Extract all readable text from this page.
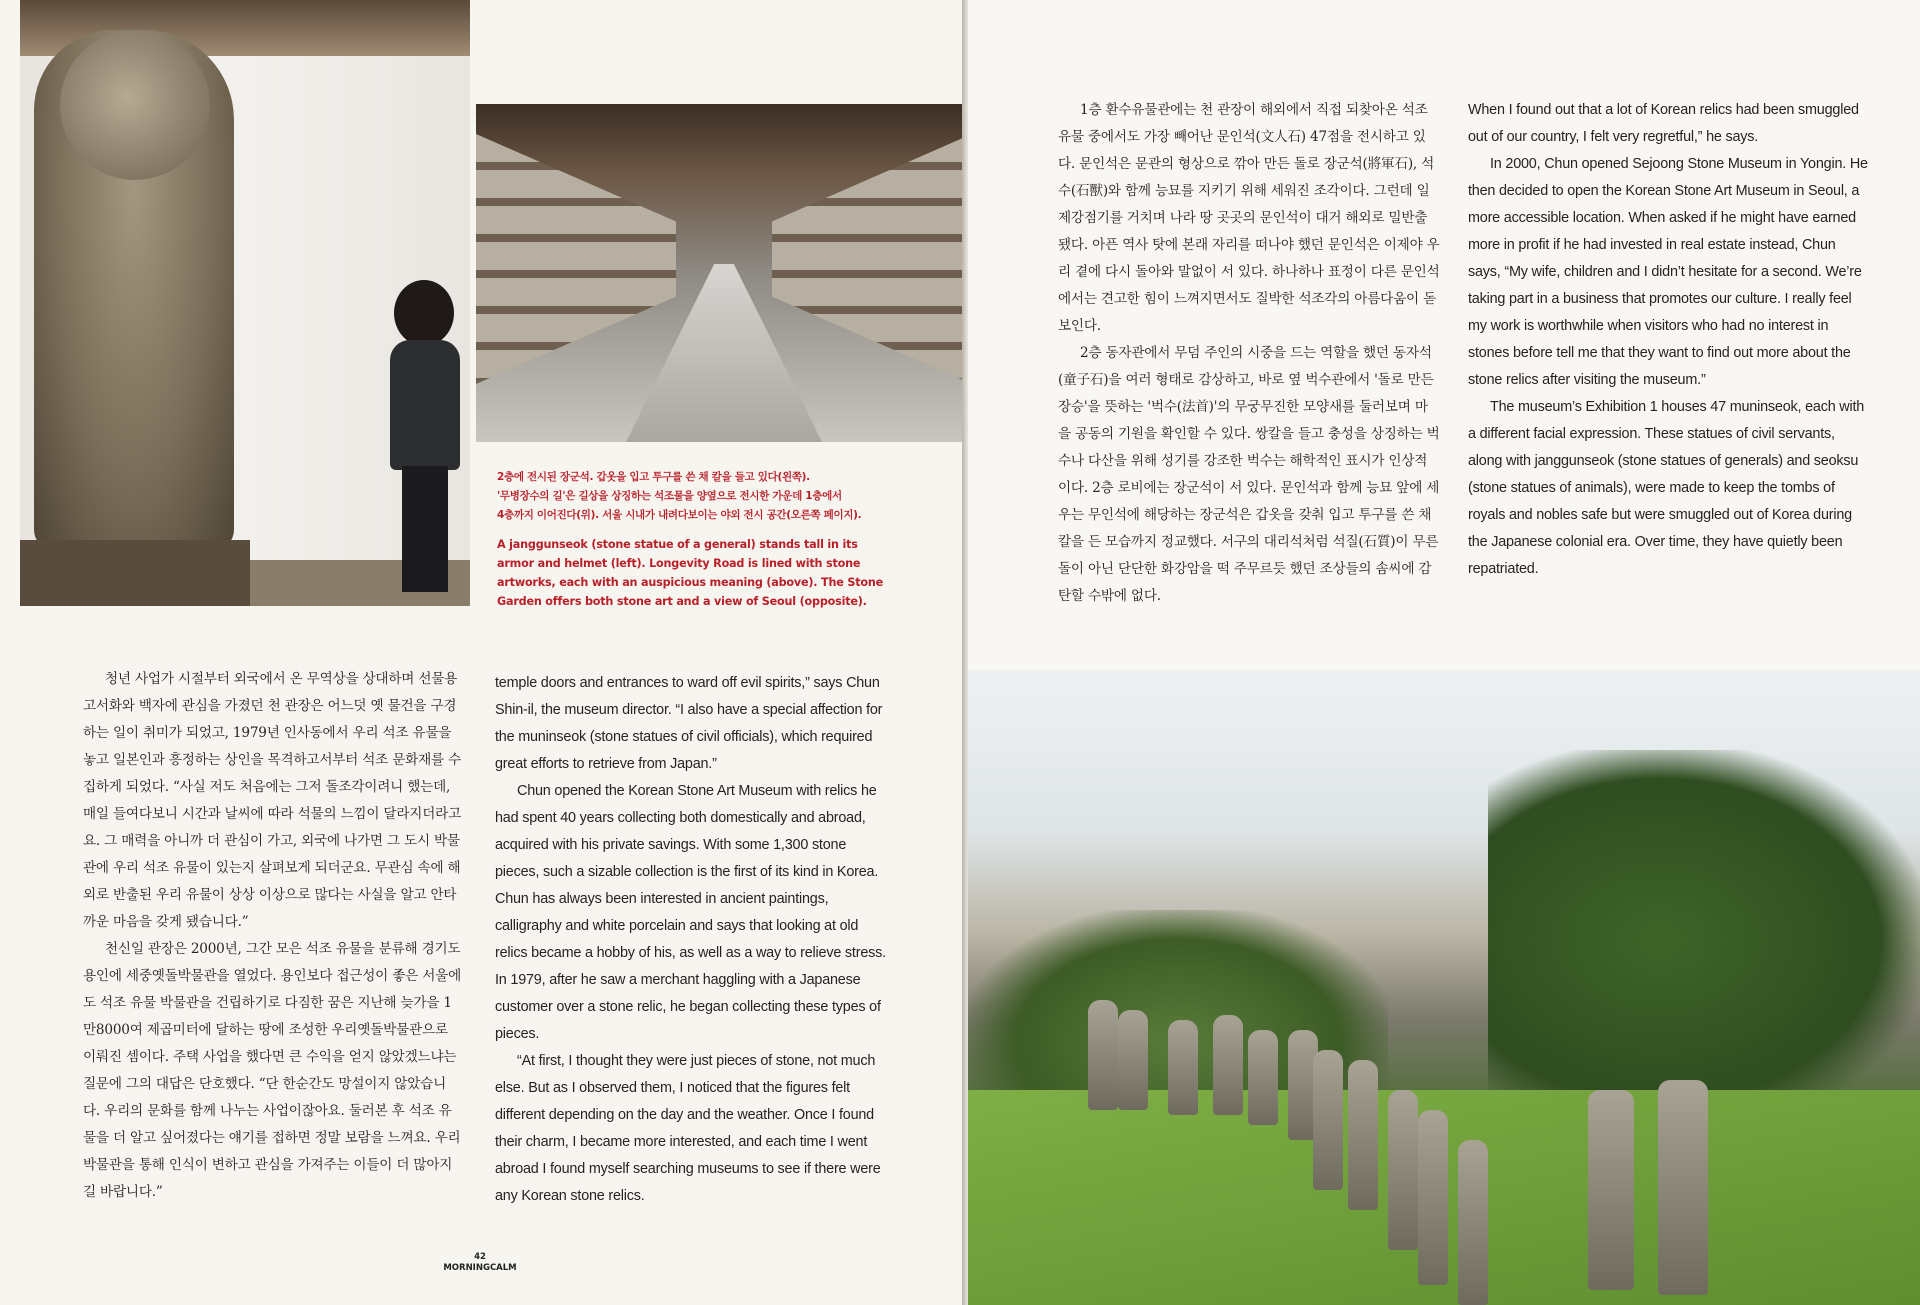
2층에 전시된 장군석. 갑옷을 입고 투구를 쓴 채 칼을 들고 있다(왼쪽).
'무병장수의 길'은 길상을 상징하는 석조물을 양옆으로 전시한 가운데 1층에서
4층까지 이어진다(위). 서울 시내가 내려다보이는 야외 전시 공간(오른쪽 페이지).
A janggunseok (stone statue of a general) stands tall in its armor and helmet (left). Longevity Road is lined with stone artworks, each with an auspicious meaning (above). The Stone Garden offers both stone art and a view of Seoul (opposite).

청년 사업가 시절부터 외국에서 온 무역상을 상대하며 선물용 고서화와 백자에 관심을 가졌던 천 관장은 어느덧 옛 물건을 구경하는 일이 취미가 되었고, 1979년 인사동에서 우리 석조 유물을 놓고 일본인과 흥정하는 상인을 목격하고서부터 석조 문화재를 수집하게 되었다. “사실 저도 처음에는 그저 돌조각이려니 했는데, 매일 들여다보니 시간과 날씨에 따라 석물의 느낌이 달라지더라고요. 그 매력을 아니까 더 관심이 가고, 외국에 나가면 그 도시 박물관에 우리 석조 유물이 있는지 살펴보게 되더군요. 무관심 속에 해외로 반출된 우리 유물이 상상 이상으로 많다는 사실을 알고 안타까운 마음을 갖게 됐습니다.”

천신일 관장은 2000년, 그간 모은 석조 유물을 분류해 경기도 용인에 세중옛돌박물관을 열었다. 용인보다 접근성이 좋은 서울에도 석조 유물 박물관을 건립하기로 다짐한 꿈은 지난해 늦가을 1만8000여 제곱미터에 달하는 땅에 조성한 우리옛돌박물관으로 이뤄진 셈이다. 주택 사업을 했다면 큰 수익을 얻지 않았겠느냐는 질문에 그의 대답은 단호했다. “단 한순간도 망설이지 않았습니다. 우리의 문화를 함께 나누는 사업이잖아요. 둘러본 후 석조 유물을 더 알고 싶어졌다는 얘기를 접하면 정말 보람을 느껴요. 우리 박물관을 통해 인식이 변하고 관심을 가져주는 이들이 더 많아지길 바랍니다.”

temple doors and entrances to ward off evil spirits,” says Chun Shin-il, the museum director. “I also have a special affection for the muninseok (stone statues of civil officials), which required great efforts to retrieve from Japan.”

Chun opened the Korean Stone Art Museum with relics he had spent 40 years collecting both domestically and abroad, acquired with his private savings. With some 1,300 stone pieces, such a sizable collection is the first of its kind in Korea. Chun has always been interested in ancient paintings, calligraphy and white porcelain and says that looking at old relics became a hobby of his, as well as a way to relieve stress. In 1979, after he saw a merchant haggling with a Japanese customer over a stone relic, he began collecting these types of pieces.

“At first, I thought they were just pieces of stone, not much else. But as I observed them, I noticed that the figures felt different depending on the day and the weather. Once I found their charm, I became more interested, and each time I went abroad I found myself searching museums to see if there were any Korean stone relics.

42
MORNINGCALM

1층 환수유물관에는 천 관장이 해외에서 직접 되찾아온 석조 유물 중에서도 가장 빼어난 문인석(文人石) 47점을 전시하고 있다. 문인석은 문관의 형상으로 깎아 만든 돌로 장군석(將軍石), 석수(石獸)와 함께 능묘를 지키기 위해 세워진 조각이다. 그런데 일제강점기를 거치며 나라 땅 곳곳의 문인석이 대거 해외로 밀반출됐다. 아픈 역사 탓에 본래 자리를 떠나야 했던 문인석은 이제야 우리 곁에 다시 돌아와 말없이 서 있다. 하나하나 표정이 다른 문인석에서는 견고한 힘이 느껴지면서도 질박한 석조각의 아름다움이 돋보인다.

2층 동자관에서 무덤 주인의 시중을 드는 역할을 했던 동자석(童子石)을 여러 형태로 감상하고, 바로 옆 벅수관에서 '돌로 만든 장승'을 뜻하는 '벅수(法首)'의 무궁무진한 모양새를 둘러보며 마을 공동의 기원을 확인할 수 있다. 쌍칼을 들고 충성을 상징하는 벅수나 다산을 위해 성기를 강조한 벅수는 해학적인 표시가 인상적이다. 2층 로비에는 장군석이 서 있다. 문인석과 함께 능묘 앞에 세우는 무인석에 해당하는 장군석은 갑옷을 갖춰 입고 투구를 쓴 채 칼을 든 모습까지 정교했다. 서구의 대리석처럼 석질(石質)이 무른 돌이 아닌 단단한 화강암을 떡 주무르듯 했던 조상들의 솜씨에 감탄할 수밖에 없다.

When I found out that a lot of Korean relics had been smuggled out of our country, I felt very regretful,” he says.

In 2000, Chun opened Sejoong Stone Museum in Yongin. He then decided to open the Korean Stone Art Museum in Seoul, a more accessible location. When asked if he might have earned more in profit if he had invested in real estate instead, Chun says, “My wife, children and I didn’t hesitate for a second. We’re taking part in a business that promotes our culture. I really feel my work is worthwhile when visitors who had no interest in stones before tell me that they want to find out more about the stone relics after visiting the museum.”

The museum’s Exhibition 1 houses 47 muninseok, each with a different facial expression. These statues of civil servants, along with janggunseok (stone statues of generals) and seoksu (stone statues of animals), were made to keep the tombs of royals and nobles safe but were smuggled out of Korea during the Japanese colonial era. Over time, they have quietly been repatriated.
